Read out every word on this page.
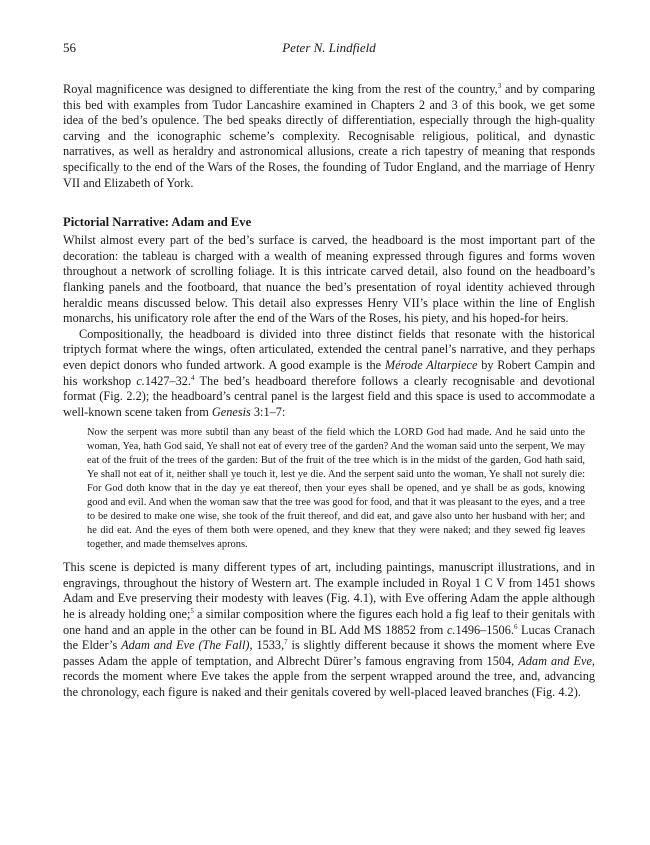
56	Peter N. Lindfield

Royal magnificence was designed to differentiate the king from the rest of the country,$^3$ and by comparing this bed with examples from Tudor Lancashire examined in Chapters 2 and 3 of this book, we get some idea of the bed’s opulence. The bed speaks directly of differentiation, especially through the high-quality carving and the iconographic scheme’s complexity. Recognisable religious, political, and dynastic narratives, as well as heraldry and astronomical allusions, create a rich tapestry of meaning that responds specifically to the end of the Wars of the Roses, the founding of Tudor England, and the marriage of Henry VII and Elizabeth of York.

Pictorial Narrative: Adam and Eve

Whilst almost every part of the bed’s surface is carved, the headboard is the most important part of the decoration: the tableau is charged with a wealth of meaning expressed through figures and forms woven throughout a network of scrolling foliage. It is this intricate carved detail, also found on the headboard’s flanking panels and the footboard, that nuance the bed’s presentation of royal identity achieved through heraldic means discussed below. This detail also expresses Henry VII’s place within the line of English monarchs, his unificatory role after the end of the Wars of the Roses, his piety, and his hoped-for heirs.

Compositionally, the headboard is divided into three distinct fields that resonate with the historical triptych format where the wings, often articulated, extended the central panel’s narrative, and they perhaps even depict donors who funded artwork. A good example is the Mérode Altarpiece by Robert Campin and his workshop c.1427–32.$^4$ The bed’s headboard therefore follows a clearly recognisable and devotional format (Fig. 2.2); the headboard’s central panel is the largest field and this space is used to accommodate a well-known scene taken from Genesis 3:1–7:

Now the serpent was more subtil than any beast of the field which the LORD God had made. And he said unto the woman, Yea, hath God said, Ye shall not eat of every tree of the garden? And the woman said unto the serpent, We may eat of the fruit of the trees of the garden: But of the fruit of the tree which is in the midst of the garden, God hath said, Ye shall not eat of it, neither shall ye touch it, lest ye die. And the serpent said unto the woman, Ye shall not surely die: For God doth know that in the day ye eat thereof, then your eyes shall be opened, and ye shall be as gods, knowing good and evil. And when the woman saw that the tree was good for food, and that it was pleasant to the eyes, and a tree to be desired to make one wise, she took of the fruit thereof, and did eat, and gave also unto her husband with her; and he did eat. And the eyes of them both were opened, and they knew that they were naked; and they sewed fig leaves together, and made themselves aprons.

This scene is depicted is many different types of art, including paintings, manuscript illustrations, and in engravings, throughout the history of Western art. The example included in Royal 1 C V from 1451 shows Adam and Eve preserving their modesty with leaves (Fig. 4.1), with Eve offering Adam the apple although he is already holding one;$^5$ a similar composition where the figures each hold a fig leaf to their genitals with one hand and an apple in the other can be found in BL Add MS 18852 from c.1496–1506.$^6$ Lucas Cranach the Elder’s Adam and Eve (The Fall), 1533,$^7$ is slightly different because it shows the moment where Eve passes Adam the apple of temptation, and Albrecht Dürer’s famous engraving from 1504, Adam and Eve, records the moment where Eve takes the apple from the serpent wrapped around the tree, and, advancing the chronology, each figure is naked and their genitals covered by well-placed leaved branches (Fig. 4.2).
